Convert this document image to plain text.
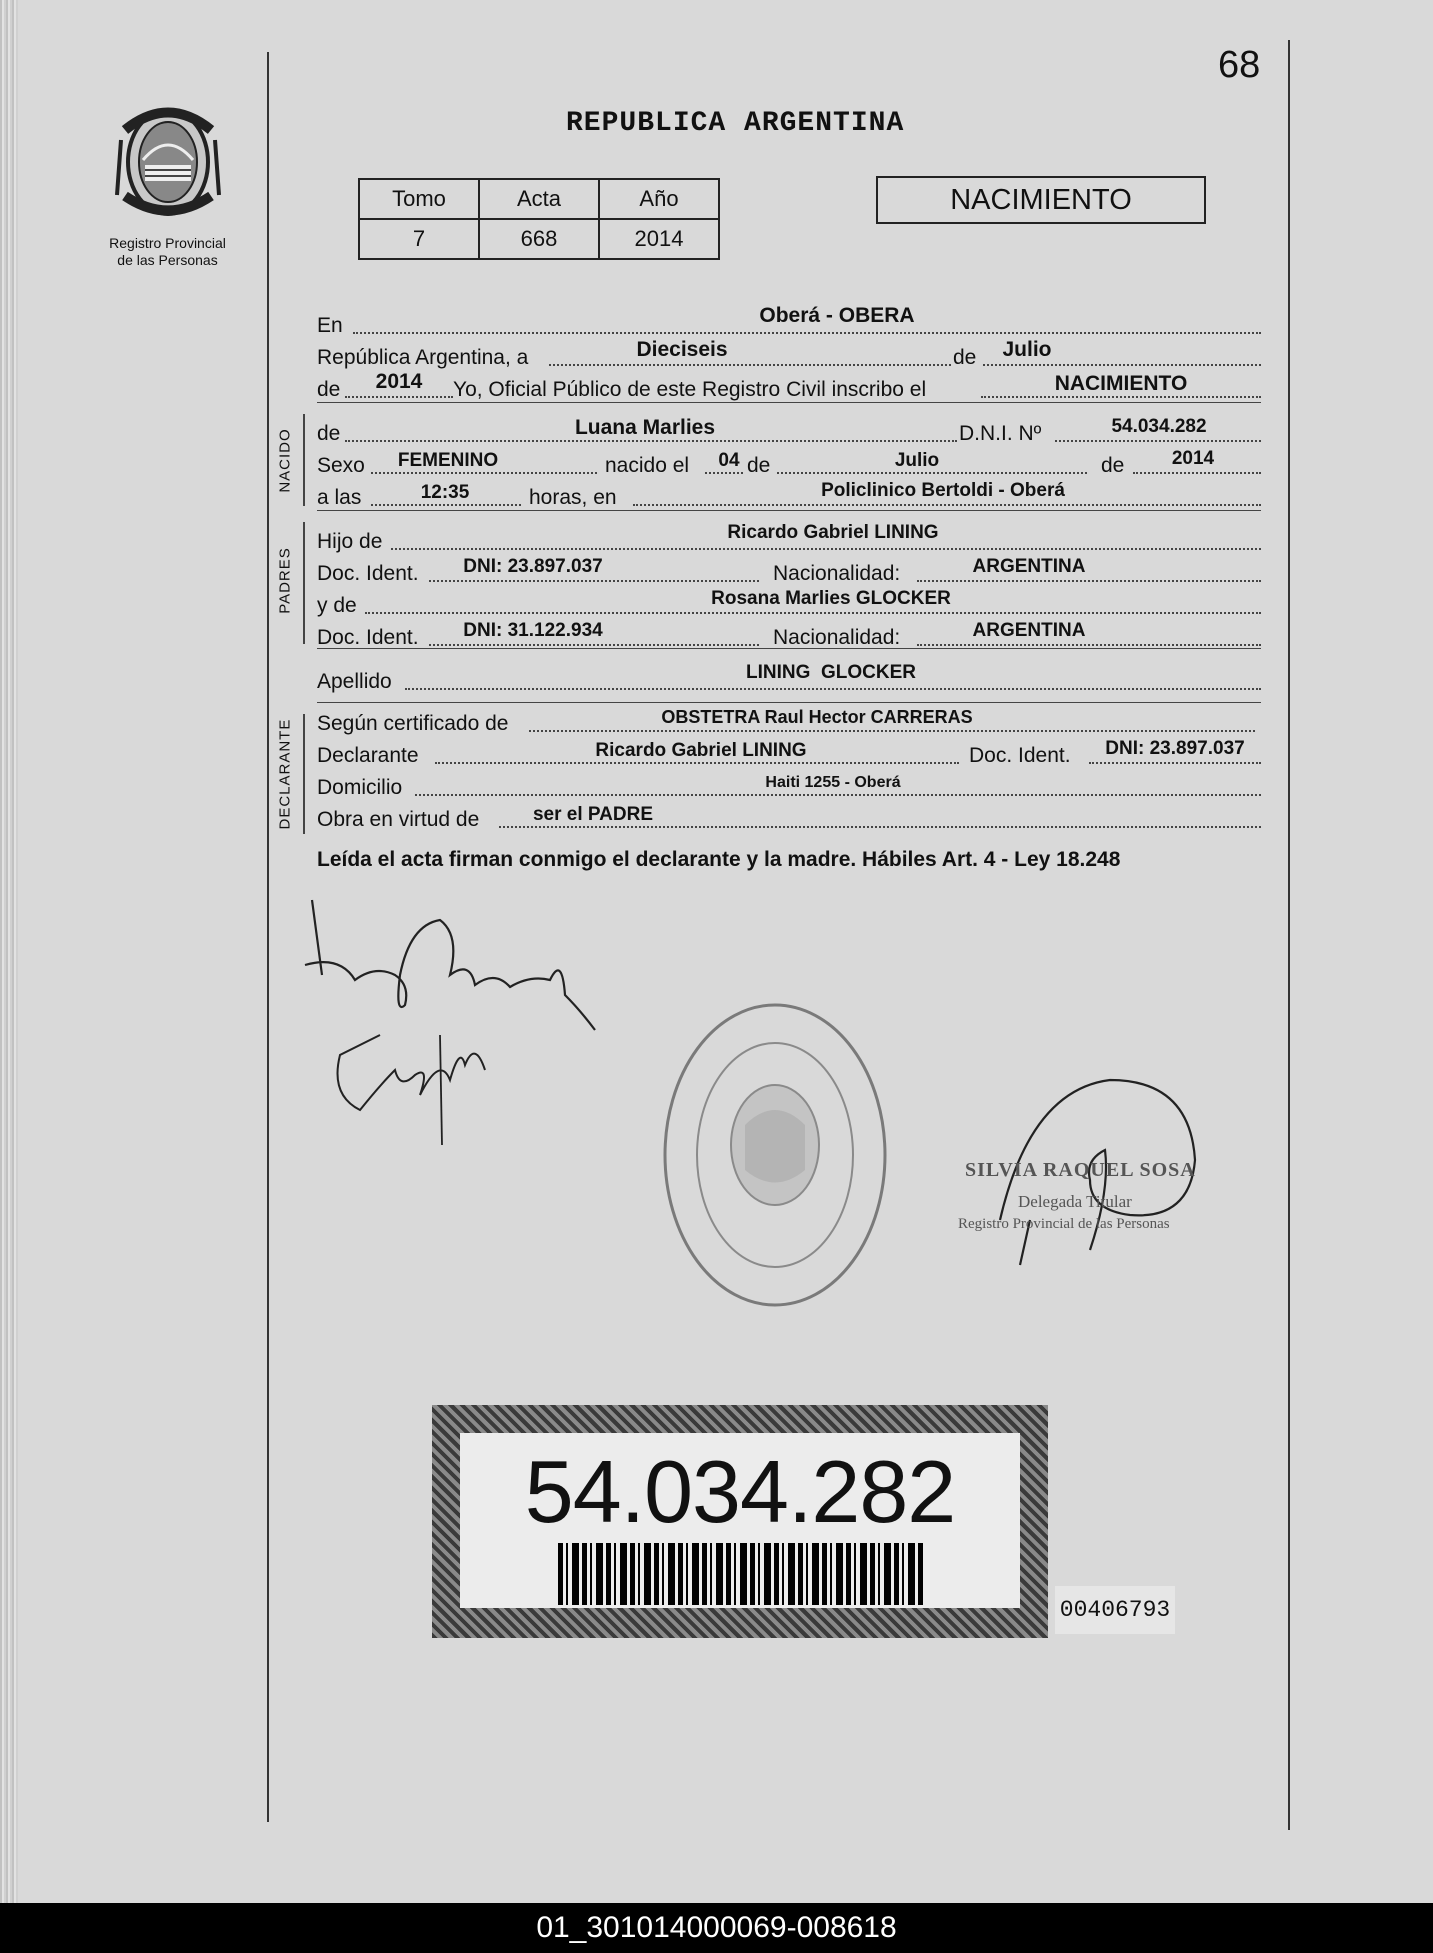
68
Registro Provincial
de las Personas
REPUBLICA ARGENTINA
Tomo	Acta	Año
7	668	2014
NACIMIENTO
En	Oberá - OBERA
República Argentina, a	Dieciseis	de Julio
de 2014 Yo, Oficial Público de este Registro Civil inscribo el	NACIMIENTO
NACIDO de	Luana Marlies	D.N.I. Nº	54.034.282
Sexo FEMENINO	nacido el 04 de	Julio	de	2014
a las	12:35	horas, en	Policlinico Bertoldi - Oberá
PADRES
Hijo de	Ricardo Gabriel LINING
Doc. Ident. DNI: 23.897.037	Nacionalidad:	ARGENTINA
y de	Rosana Marlies GLOCKER
Doc. Ident. DNI: 31.122.934	Nacionalidad:	ARGENTINA
Apellido	LINING  GLOCKER
DECLARANTE Según certificado de	OBSTETRA Raul Hector CARRERAS
Declarante	Ricardo Gabriel LINING	Doc. Ident. DNI: 23.897.037
Domicilio	Haiti 1255 - Oberá
Obra en virtud de	ser el PADRE
Leída el acta firman conmigo el declarante y la madre. Hábiles Art. 4 - Ley 18.248
SILVIA RAQUEL SOSA
Delegada Titular
Registro Provincial de las Personas
54.034.282
00406793
01_301014000069-008618
